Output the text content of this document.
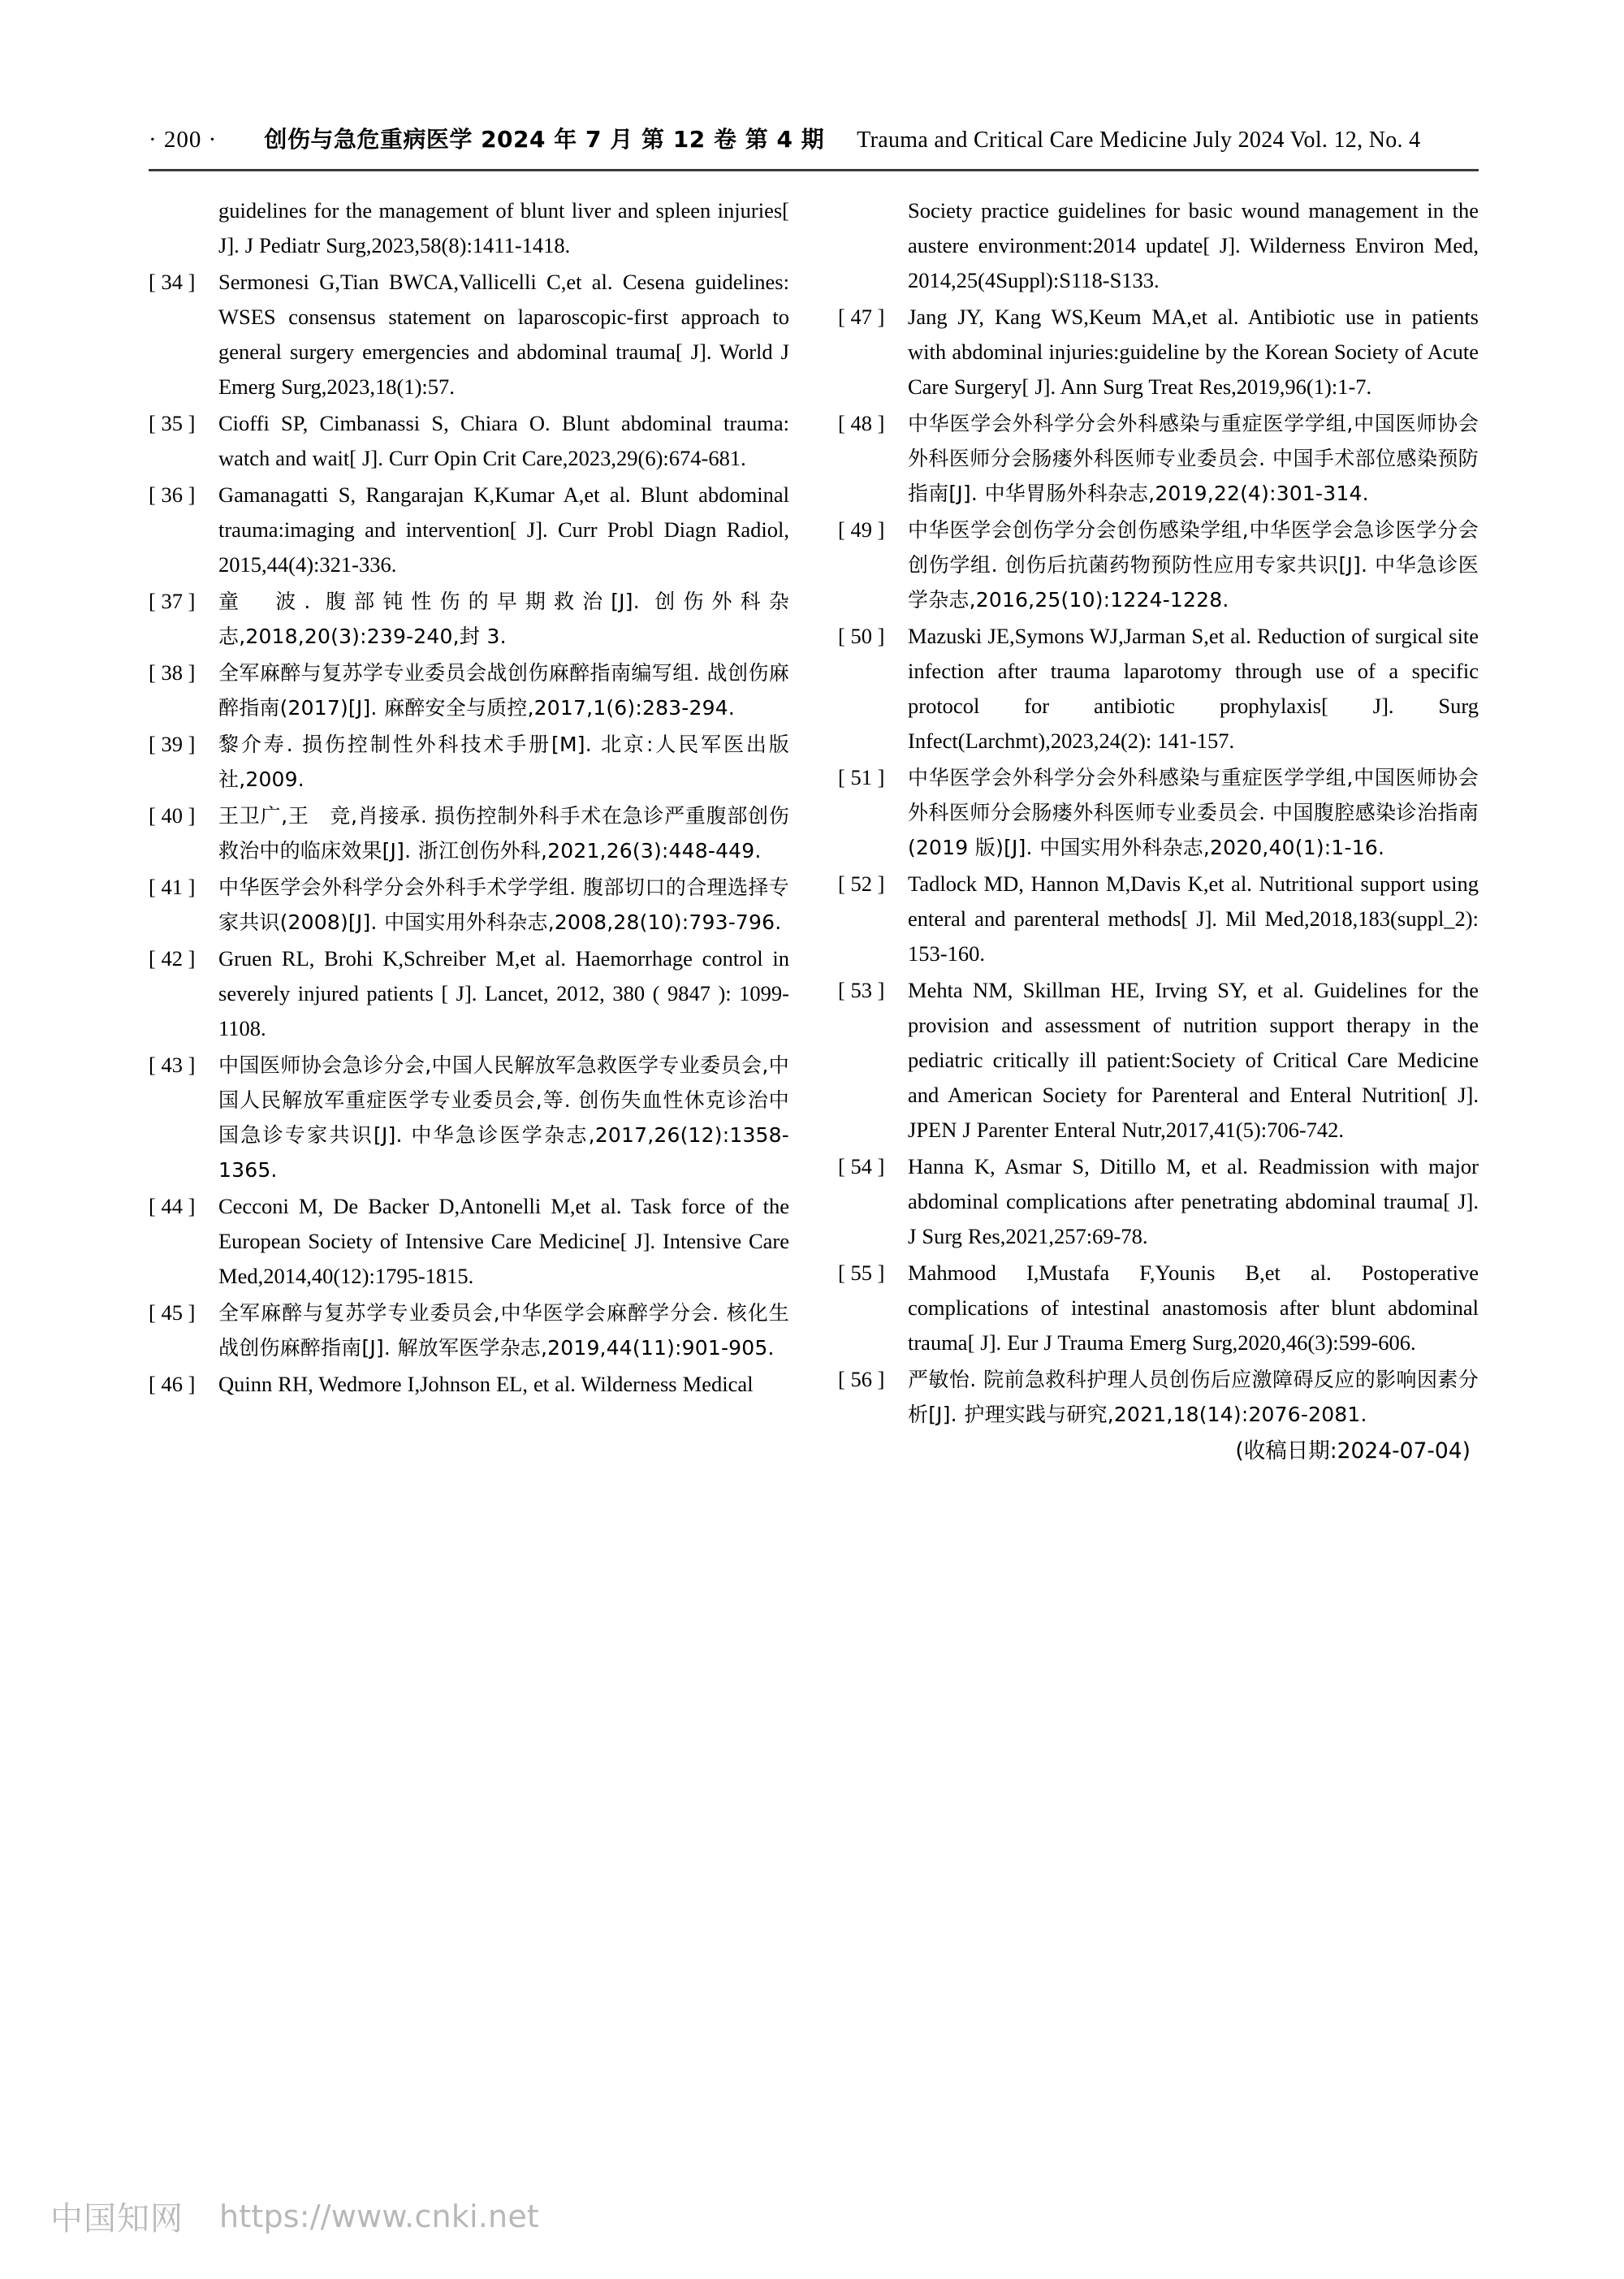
· 200 · 创伤与急危重病医学 2024 年 7 月 第 12 卷 第 4 期 Trauma and Critical Care Medicine July 2024 Vol. 12, No. 4
guidelines for the management of blunt liver and spleen injuries[ J]. J Pediatr Surg,2023,58(8):1411-1418.
[ 34 ]	Sermonesi G,Tian BWCA,Vallicelli C,et al. Cesena guidelines: WSES consensus statement on laparoscopic-first approach to general surgery emergencies and abdominal trauma[ J]. World J Emerg Surg,2023,18(1):57.
[ 35 ]	Cioffi SP, Cimbanassi S, Chiara O. Blunt abdominal trauma: watch and wait[ J]. Curr Opin Crit Care,2023,29(6):674-681.
[ 36 ]	Gamanagatti S, Rangarajan K,Kumar A,et al. Blunt abdominal trauma:imaging and intervention[ J]. Curr Probl Diagn Radiol, 2015,44(4):321-336.
[ 37 ]	童　波. 腹部钝性伤的早期救治[J]. 创伤外科杂志,2018,20(3):239-240,封 3.
[ 38 ]	全军麻醉与复苏学专业委员会战创伤麻醉指南编写组. 战创伤麻醉指南(2017)[J]. 麻醉安全与质控,2017,1(6):283-294.
[ 39 ]	黎介寿. 损伤控制性外科技术手册[M]. 北京:人民军医出版社,2009.
[ 40 ]	王卫广,王　竞,肖接承. 损伤控制外科手术在急诊严重腹部创伤救治中的临床效果[J]. 浙江创伤外科,2021,26(3):448-449.
[ 41 ]	中华医学会外科学分会外科手术学学组. 腹部切口的合理选择专家共识(2008)[J]. 中国实用外科杂志,2008,28(10):793-796.
[ 42 ]	Gruen RL, Brohi K,Schreiber M,et al. Haemorrhage control in severely injured patients [ J]. Lancet, 2012, 380 ( 9847 ): 1099-1108.
[ 43 ]	中国医师协会急诊分会,中国人民解放军急救医学专业委员会,中国人民解放军重症医学专业委员会,等. 创伤失血性休克诊治中国急诊专家共识[J]. 中华急诊医学杂志,2017,26(12):1358-1365.
[ 44 ]	Cecconi M, De Backer D,Antonelli M,et al. Task force of the European Society of Intensive Care Medicine[ J]. Intensive Care Med,2014,40(12):1795-1815.
[ 45 ]	全军麻醉与复苏学专业委员会,中华医学会麻醉学分会. 核化生战创伤麻醉指南[J]. 解放军医学杂志,2019,44(11):901-905.
[ 46 ]	Quinn RH, Wedmore I,Johnson EL, et al. Wilderness Medical
Society practice guidelines for basic wound management in the austere environment:2014 update[ J]. Wilderness Environ Med, 2014,25(4Suppl):S118-S133.
[ 47 ]	Jang JY, Kang WS,Keum MA,et al. Antibiotic use in patients with abdominal injuries:guideline by the Korean Society of Acute Care Surgery[ J]. Ann Surg Treat Res,2019,96(1):1-7.
[ 48 ]	中华医学会外科学分会外科感染与重症医学学组,中国医师协会外科医师分会肠瘘外科医师专业委员会. 中国手术部位感染预防指南[J]. 中华胃肠外科杂志,2019,22(4):301-314.
[ 49 ]	中华医学会创伤学分会创伤感染学组,中华医学会急诊医学分会创伤学组. 创伤后抗菌药物预防性应用专家共识[J]. 中华急诊医学杂志,2016,25(10):1224-1228.
[ 50 ]	Mazuski JE,Symons WJ,Jarman S,et al. Reduction of surgical site infection after trauma laparotomy through use of a specific protocol for antibiotic prophylaxis[ J]. Surg Infect(Larchmt),2023,24(2): 141-157.
[ 51 ]	中华医学会外科学分会外科感染与重症医学学组,中国医师协会外科医师分会肠瘘外科医师专业委员会. 中国腹腔感染诊治指南(2019 版)[J]. 中国实用外科杂志,2020,40(1):1-16.
[ 52 ]	Tadlock MD, Hannon M,Davis K,et al. Nutritional support using enteral and parenteral methods[ J]. Mil Med,2018,183(suppl_2): 153-160.
[ 53 ]	Mehta NM, Skillman HE, Irving SY, et al. Guidelines for the provision and assessment of nutrition support therapy in the pediatric critically ill patient:Society of Critical Care Medicine and American Society for Parenteral and Enteral Nutrition[ J]. JPEN J Parenter Enteral Nutr,2017,41(5):706-742.
[ 54 ]	Hanna K, Asmar S, Ditillo M, et al. Readmission with major abdominal complications after penetrating abdominal trauma[ J]. J Surg Res,2021,257:69-78.
[ 55 ]	Mahmood I,Mustafa F,Younis B,et al. Postoperative complications of intestinal anastomosis after blunt abdominal trauma[ J]. Eur J Trauma Emerg Surg,2020,46(3):599-606.
[ 56 ]	严敏怡. 院前急救科护理人员创伤后应激障碍反应的影响因素分析[J]. 护理实践与研究,2021,18(14):2076-2081.
(收稿日期:2024-07-04)
中国知网 https://www.cnki.net
